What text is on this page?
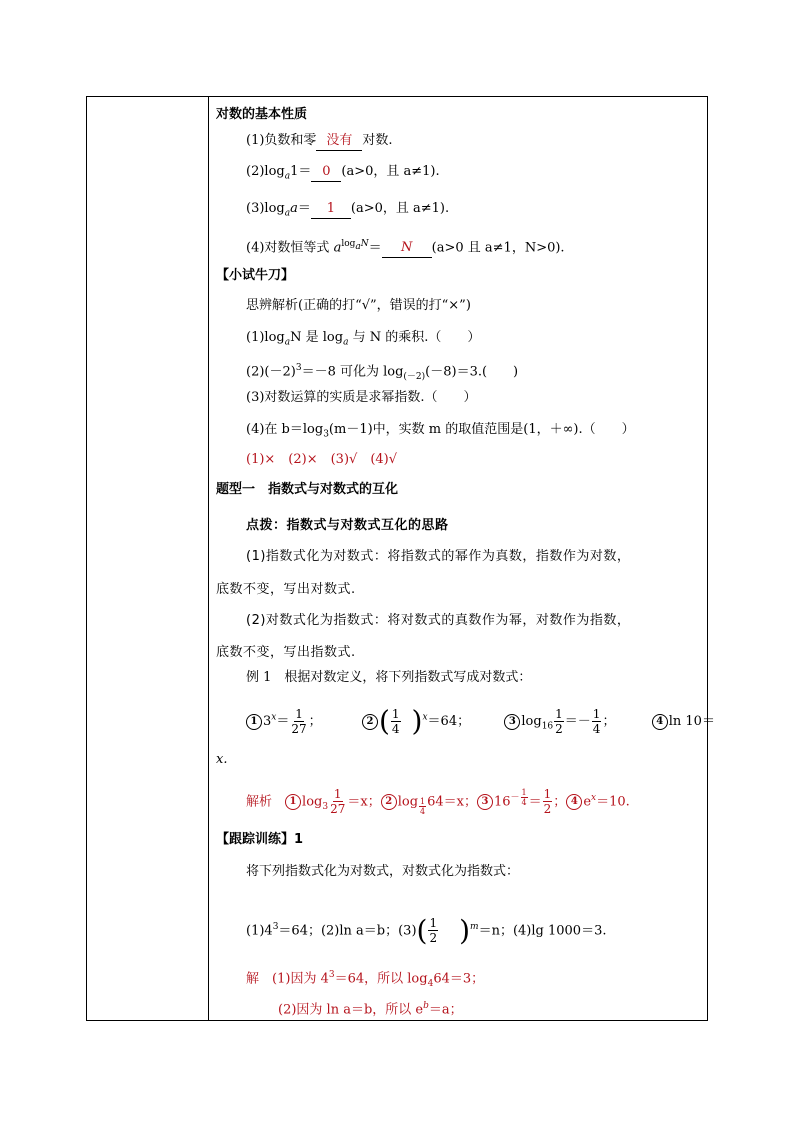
对数的基本性质
(1)负数和零 没有 对数.
$(2)\log_a1= 0$ (a>0，且 a≠1).
$(3)\log_aa= 1$ (a>0，且 a≠1).
(4)对数恒等式 $a^{log_aN}= N$ (a>0 且 a≠1，N>0).
【小试牛刀】
思辨解析(正确的打“√”，错误的打“×”)
$(1)\log_aN$ 是 $\log_a$ 与 N 的乘积.（　　）
$(2)(-2)^3=-8$ 可化为 $\log_{(-2)}(-8)=3$.(　　)
(3)对数运算的实质是求幂指数.（　　）
(4)在 $b=\log_3(m-1)$中，实数 m 的取值范围是(1，＋∞).（　　）
(1)×　(2)×　(3)√　(4)√
题型一　指数式与对数式的互化
点拨：指数式与对数式互化的思路
(1)指数式化为对数式：将指数式的幂作为真数，指数作为对数，
底数不变，写出对数式.
(2)对数式化为指数式：将对数式的真数作为幂，对数作为指数，
底数不变，写出指数式.
例 1　根据对数定义，将下列指数式写成对数式：
1 $3^x= \frac{1}{27}$ ；	2 ( $\frac{1}{4} )^x=64$；	3 $\log_{16} \frac{1}{2} =- \frac{1}{4}$ ；	4 ln 10＝
x.
解析　 1 $\log_3 \frac{1}{27} =x$； 2 log $_{\frac{1}{4}}$ 64＝x； 3 $16^{- \frac{1}{4}} = \frac{1}{2}$ ； 4 $e^x=10$.
【跟踪训练】1
将下列指数式化为对数式，对数式化为指数式：
$(1)4^3=64$；(2)ln a＝b；$(3)( \frac{1}{2} )^m=n$；(4)lg 1000＝3.
解　 (1)因为 $4^3=64$，所以 $\log_464=3$；
(2)因为 ln a＝b，所以 $e^b=a$；
